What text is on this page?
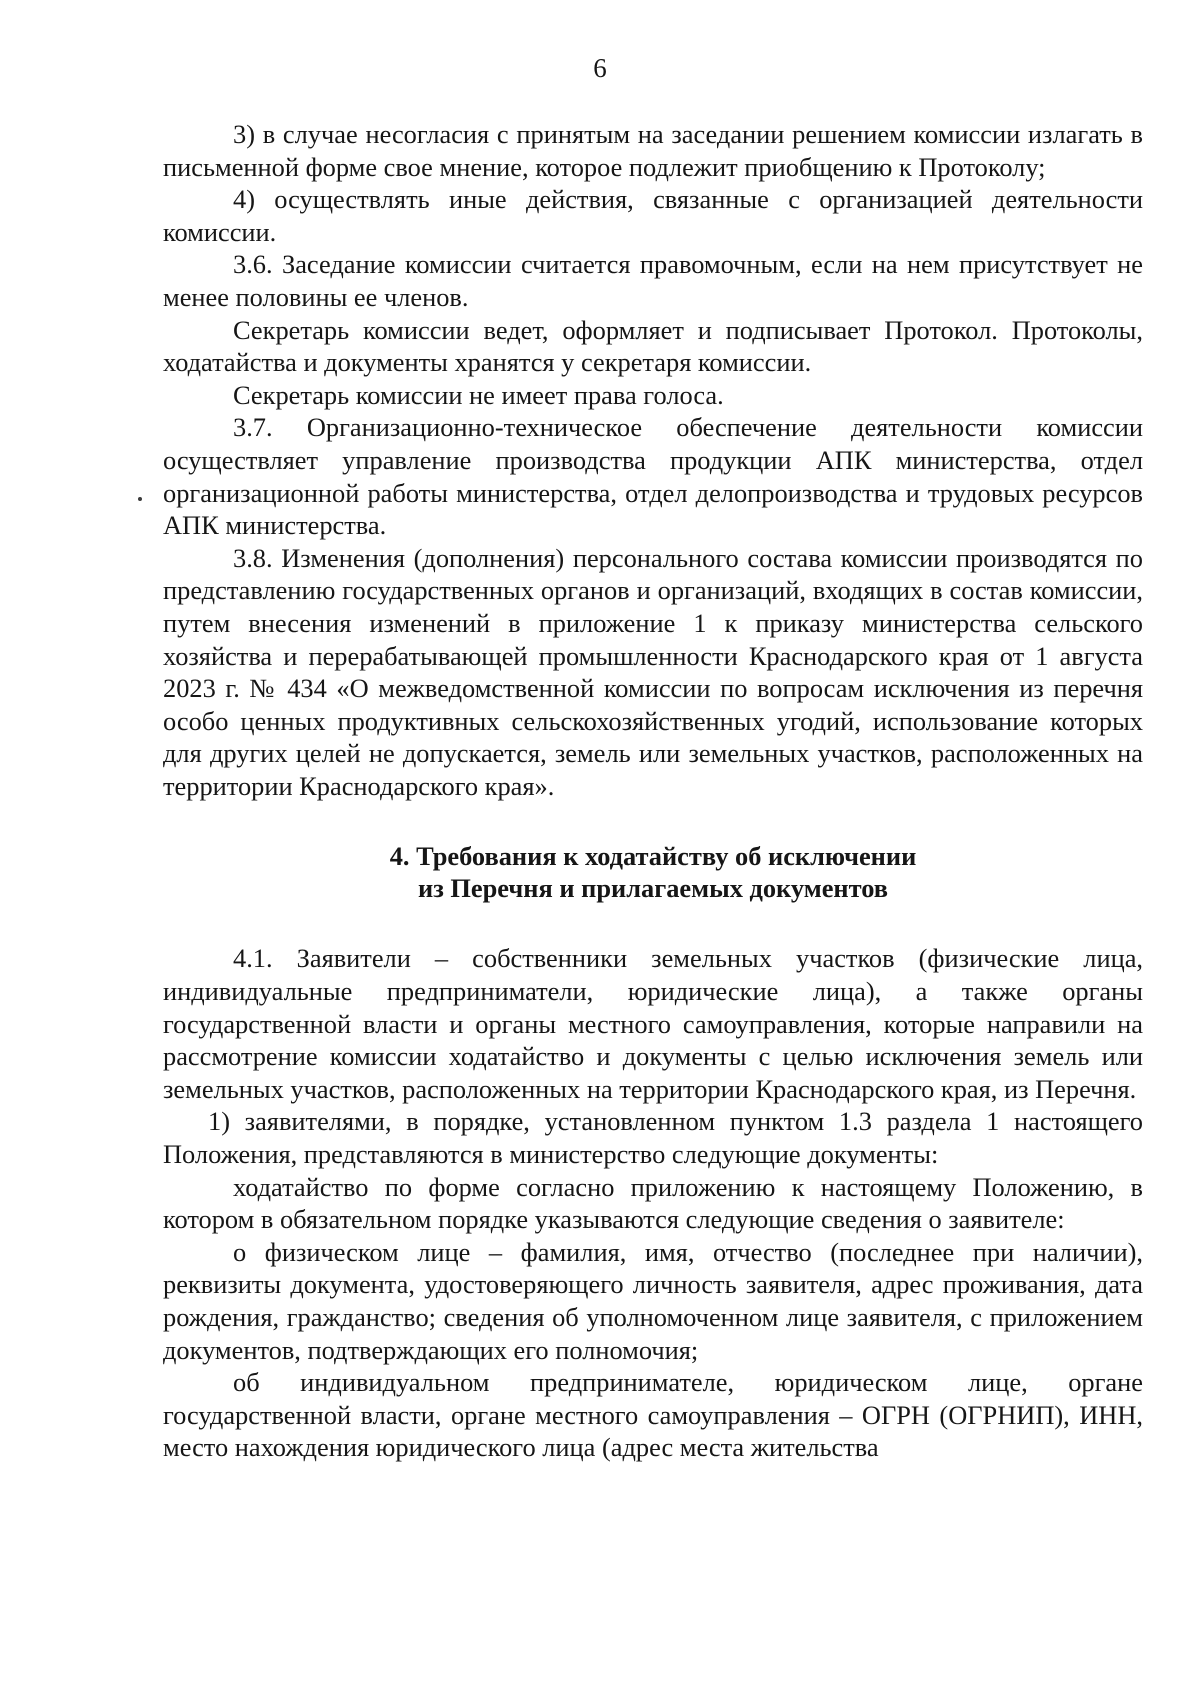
6

3) в случае несогласия с принятым на заседании решением комиссии излагать в письменной форме свое мнение, которое подлежит приобщению к Протоколу;

4) осуществлять иные действия, связанные с организацией деятельности комиссии.

3.6. Заседание комиссии считается правомочным, если на нем присутствует не менее половины ее членов.

Секретарь комиссии ведет, оформляет и подписывает Протокол. Протоколы, ходатайства и документы хранятся у секретаря комиссии.

Секретарь комиссии не имеет права голоса.

3.7. Организационно-техническое обеспечение деятельности комиссии осуществляет управление производства продукции АПК министерства, отдел организационной работы министерства, отдел делопроизводства и трудовых ресурсов АПК министерства.

3.8. Изменения (дополнения) персонального состава комиссии производятся по представлению государственных органов и организаций, входящих в состав комиссии, путем внесения изменений в приложение 1 к приказу министерства сельского хозяйства и перерабатывающей промышленности Краснодарского края от 1 августа 2023 г. № 434 «О межведомственной комиссии по вопросам исключения из перечня особо ценных продуктивных сельскохозяйственных угодий, использование которых для других целей не допускается, земель или земельных участков, расположенных на территории Краснодарского края».

4. Требования к ходатайству об исключении
из Перечня и прилагаемых документов

4.1. Заявители – собственники земельных участков (физические лица, индивидуальные предприниматели, юридические лица), а также органы государственной власти и органы местного самоуправления, которые направили на рассмотрение комиссии ходатайство и документы с целью исключения земель или земельных участков, расположенных на территории Краснодарского края, из Перечня.

1) заявителями, в порядке, установленном пунктом 1.3 раздела 1 настоящего Положения, представляются в министерство следующие документы:

ходатайство по форме согласно приложению к настоящему Положению, в котором в обязательном порядке указываются следующие сведения о заявителе:

о физическом лице – фамилия, имя, отчество (последнее при наличии), реквизиты документа, удостоверяющего личность заявителя, адрес проживания, дата рождения, гражданство; сведения об уполномоченном лице заявителя, с приложением документов, подтверждающих его полномочия;

об индивидуальном предпринимателе, юридическом лице, органе государственной власти, органе местного самоуправления – ОГРН (ОГРНИП), ИНН, место нахождения юридического лица (адрес места жительства
